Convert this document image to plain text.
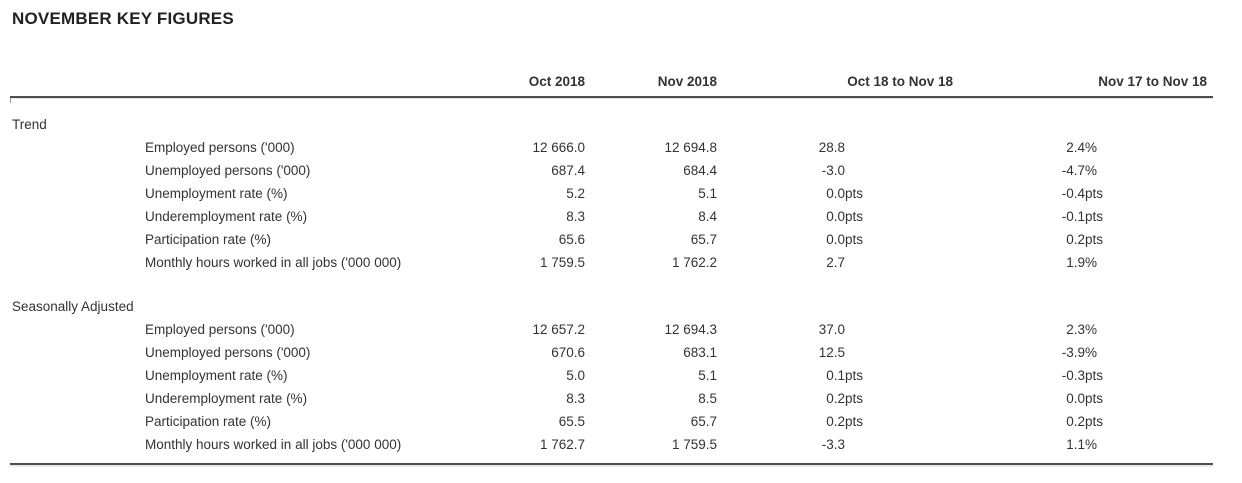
NOVEMBER KEY FIGURES
Oct 2018	Nov 2018	Oct 18 to Nov 18	Nov 17 to Nov 18
Trend
Employed persons ('000)	12 666.0	12 694.8	28.8	2.4 %
Unemployed persons ('000)	687.4	684.4	-3.0	-4.7 %
Unemployment rate (%)	5.2	5.1	0.0 pts	-0.4 pts
Underemployment rate (%)	8.3	8.4	0.0 pts	-0.1 pts
Participation rate (%)	65.6	65.7	0.0 pts	0.2 pts
Monthly hours worked in all jobs ('000 000)	1 759.5	1 762.2	2.7	1.9 %
Seasonally Adjusted
Employed persons ('000)	12 657.2	12 694.3	37.0	2.3 %
Unemployed persons ('000)	670.6	683.1	12.5	-3.9 %
Unemployment rate (%)	5.0	5.1	0.1 pts	-0.3 pts
Underemployment rate (%)	8.3	8.5	0.2 pts	0.0 pts
Participation rate (%)	65.5	65.7	0.2 pts	0.2 pts
Monthly hours worked in all jobs ('000 000)	1 762.7	1 759.5	-3.3	1.1 %
